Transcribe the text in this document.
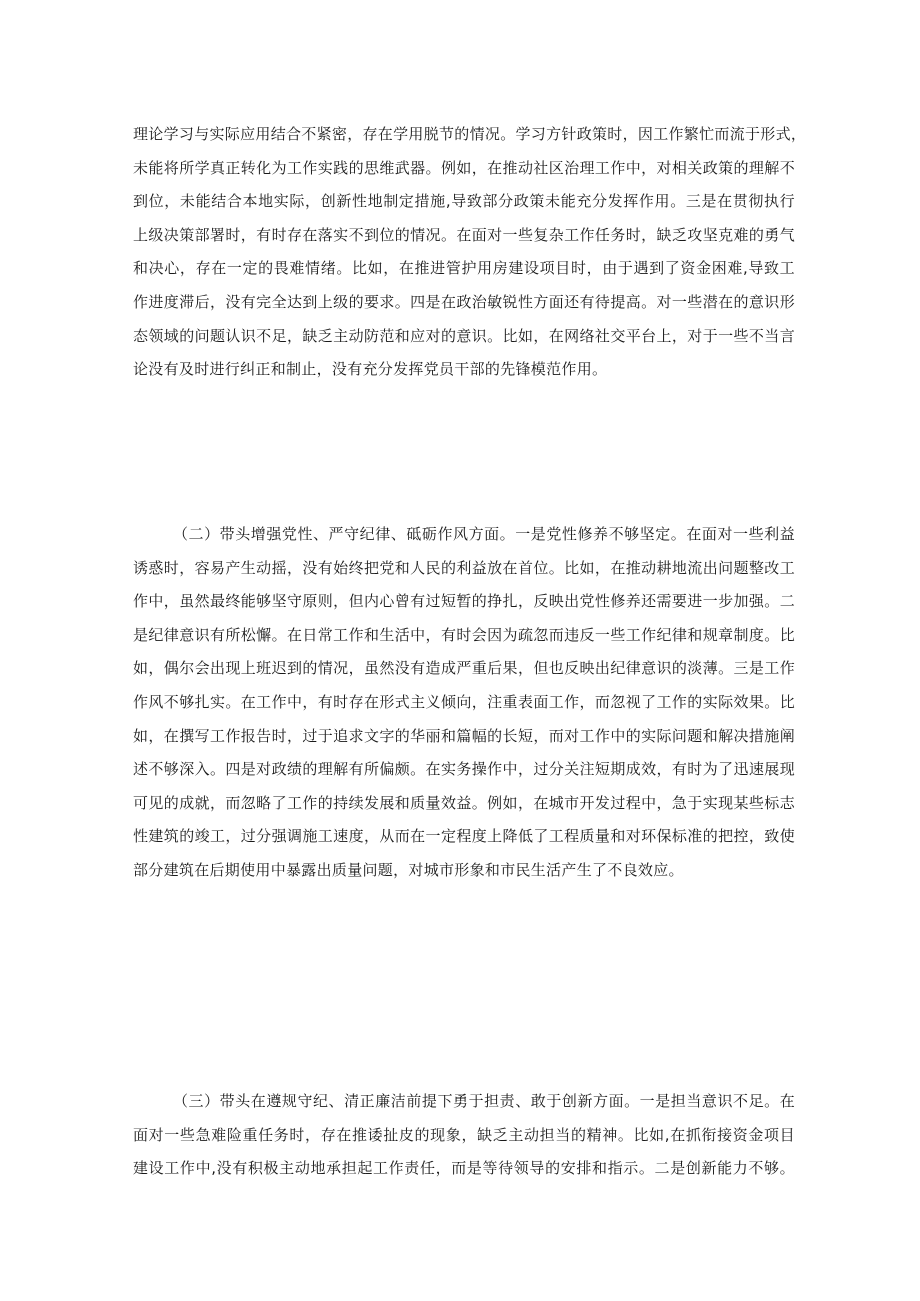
理论学习与实际应用结合不紧密，存在学用脱节的情况。学习方针政策时，因工作繁忙而流于形式，
未能将所学真正转化为工作实践的思维武器。例如，在推动社区治理工作中，对相关政策的理解不
到位，未能结合本地实际，创新性地制定措施,导致部分政策未能充分发挥作用。三是在贯彻执行
上级决策部署时，有时存在落实不到位的情况。在面对一些复杂工作任务时，缺乏攻坚克难的勇气
和决心，存在一定的畏难情绪。比如，在推进管护用房建设项目时，由于遇到了资金困难,导致工
作进度滞后，没有完全达到上级的要求。四是在政治敏锐性方面还有待提高。对一些潜在的意识形
态领域的问题认识不足，缺乏主动防范和应对的意识。比如，在网络社交平台上，对于一些不当言
论没有及时进行纠正和制止，没有充分发挥党员干部的先锋模范作用。
（二）带头增强党性、严守纪律、砥砺作风方面。一是党性修养不够坚定。在面对一些利益
诱惑时，容易产生动摇，没有始终把党和人民的利益放在首位。比如，在推动耕地流出问题整改工
作中，虽然最终能够坚守原则，但内心曾有过短暂的挣扎，反映出党性修养还需要进一步加强。二
是纪律意识有所松懈。在日常工作和生活中，有时会因为疏忽而违反一些工作纪律和规章制度。比
如，偶尔会出现上班迟到的情况，虽然没有造成严重后果，但也反映出纪律意识的淡薄。三是工作
作风不够扎实。在工作中，有时存在形式主义倾向，注重表面工作，而忽视了工作的实际效果。比
如，在撰写工作报告时，过于追求文字的华丽和篇幅的长短，而对工作中的实际问题和解决措施阐
述不够深入。四是对政绩的理解有所偏颇。在实务操作中，过分关注短期成效，有时为了迅速展现
可见的成就，而忽略了工作的持续发展和质量效益。例如，在城市开发过程中，急于实现某些标志
性建筑的竣工，过分强调施工速度，从而在一定程度上降低了工程质量和对环保标准的把控，致使
部分建筑在后期使用中暴露出质量问题，对城市形象和市民生活产生了不良效应。
（三）带头在遵规守纪、清正廉洁前提下勇于担责、敢于创新方面。一是担当意识不足。在
面对一些急难险重任务时，存在推诿扯皮的现象，缺乏主动担当的精神。比如,在抓衔接资金项目
建设工作中,没有积极主动地承担起工作责任，而是等待领导的安排和指示。二是创新能力不够。
